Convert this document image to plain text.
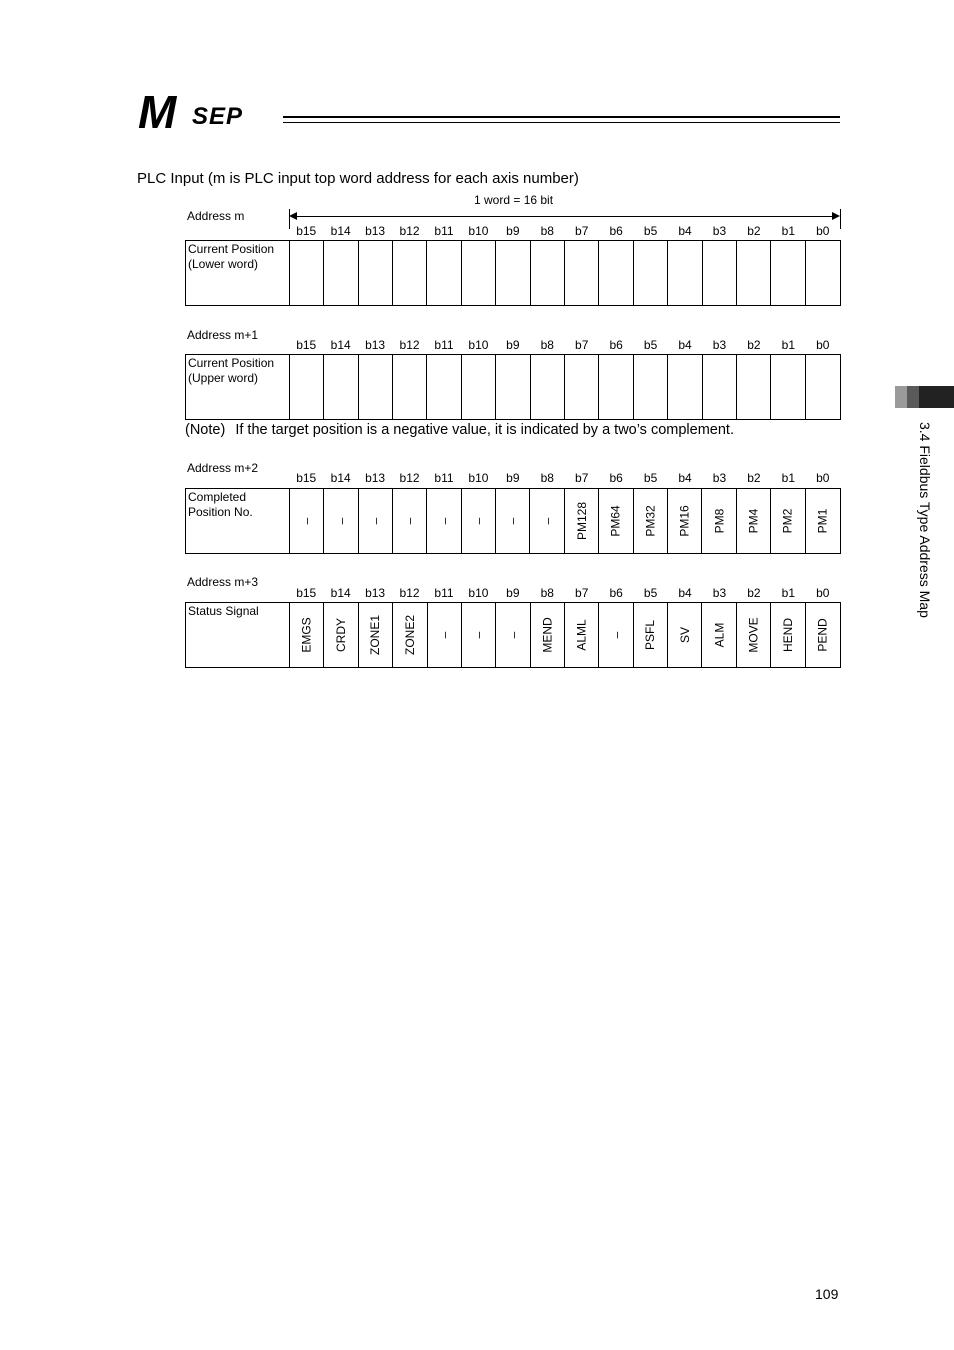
M SEP
PLC Input (m is PLC input top word address for each axis number)
1 word = 16 bit
Address m
b15	b14	b13	b12	b11	b10	b9	b8	b7	b6	b5	b4	b3	b2	b1	b0
Current Position
(Lower word)
Address m+1
b15	b14	b13	b12	b11	b10	b9	b8	b7	b6	b5	b4	b3	b2	b1	b0
Current Position
(Upper word)
(Note) If the target position is a negative value, it is indicated by a two’s complement.
Address m+2
b15	b14	b13	b12	b11	b10	b9	b8	b7	b6	b5	b4	b3	b2	b1	b0
Completed
Position No.
– – – – – – – – PM128 PM64 PM32 PM16 PM8 PM4 PM2 PM1
Address m+3
b15	b14	b13	b12	b11	b10	b9	b8	b7	b6	b5	b4	b3	b2	b1	b0
Status Signal
EMGS CRDY ZONE1 ZONE2 – – – MEND ALML – PSFL SV ALM MOVE HEND PEND
3.4 Fieldbus Type Address Map
109
